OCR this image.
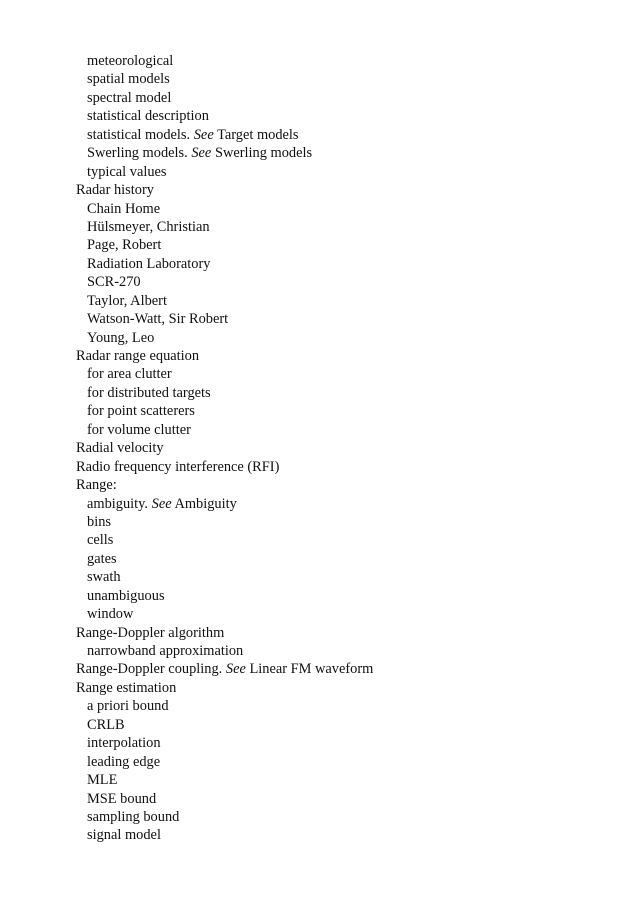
meteorological
spatial models
spectral model
statistical description
statistical models. See Target models
Swerling models. See Swerling models
typical values
Radar history
Chain Home
Hülsmeyer, Christian
Page, Robert
Radiation Laboratory
SCR-270
Taylor, Albert
Watson-Watt, Sir Robert
Young, Leo
Radar range equation
for area clutter
for distributed targets
for point scatterers
for volume clutter
Radial velocity
Radio frequency interference (RFI)
Range:
ambiguity. See Ambiguity
bins
cells
gates
swath
unambiguous
window
Range-Doppler algorithm
narrowband approximation
Range-Doppler coupling. See Linear FM waveform
Range estimation
a priori bound
CRLB
interpolation
leading edge
MLE
MSE bound
sampling bound
signal model
